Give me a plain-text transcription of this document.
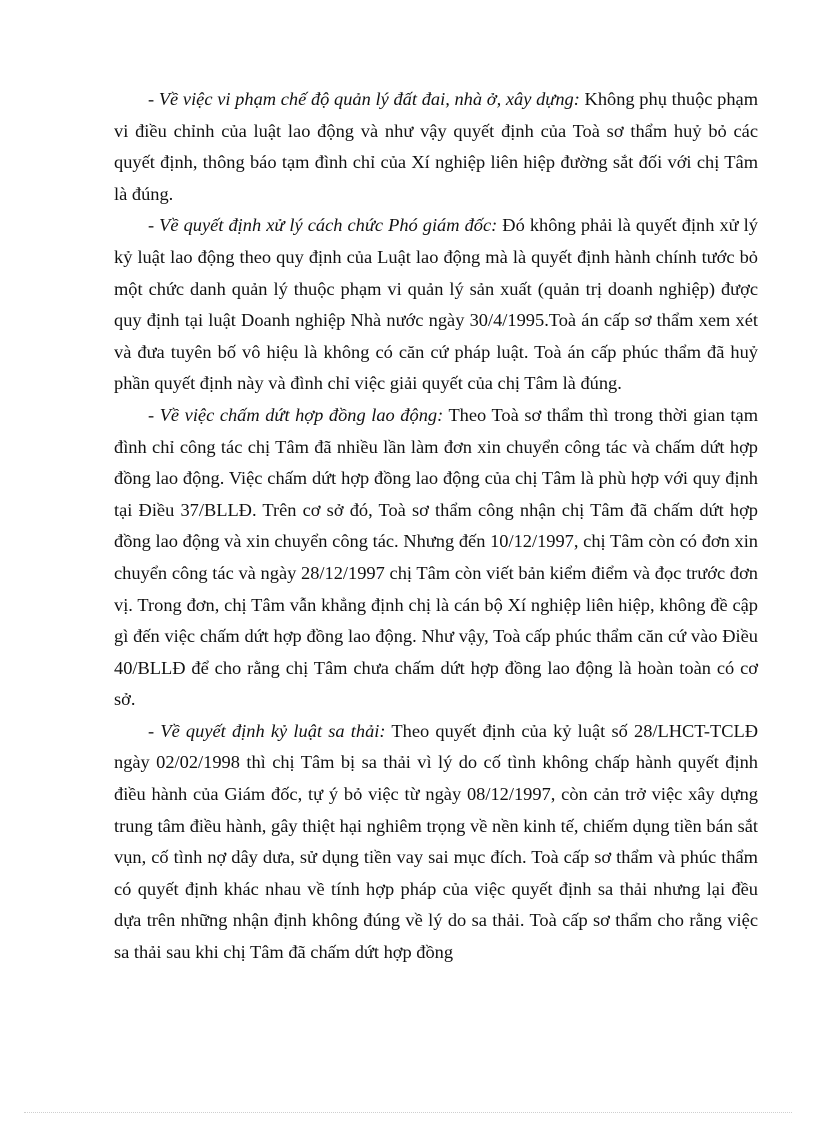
- Về việc vi phạm chế độ quản lý đất đai, nhà ở, xây dựng: Không phụ thuộc phạm vi điều chỉnh của luật lao động và như vậy quyết định của Toà sơ thẩm huỷ bỏ các quyết định, thông báo tạm đình chỉ của Xí nghiệp liên hiệp đường sắt đối với chị Tâm là đúng.

- Về quyết định xử lý cách chức Phó giám đốc: Đó không phải là quyết định xử lý kỷ luật lao động theo quy định của Luật lao động mà là quyết định hành chính tước bỏ một chức danh quản lý thuộc phạm vi quản lý sản xuất (quản trị doanh nghiệp) được quy định tại luật Doanh nghiệp Nhà nước ngày 30/4/1995.Toà án cấp sơ thẩm xem xét và đưa tuyên bố vô hiệu là không có căn cứ pháp luật. Toà án cấp phúc thẩm đã huỷ phần quyết định này và đình chỉ việc giải quyết của chị Tâm là đúng.

- Về việc chấm dứt hợp đồng lao động: Theo Toà sơ thẩm thì trong thời gian tạm đình chỉ công tác chị Tâm đã nhiều lần làm đơn xin chuyển công tác và chấm dứt hợp đồng lao động. Việc chấm dứt hợp đồng lao động của chị Tâm là phù hợp với quy định tại Điều 37/BLLĐ. Trên cơ sở đó, Toà sơ thẩm công nhận chị Tâm đã chấm dứt hợp đồng lao động và xin chuyển công tác. Nhưng đến 10/12/1997, chị Tâm còn có đơn xin chuyển công tác và ngày 28/12/1997 chị Tâm còn viết bản kiểm điểm và đọc trước đơn vị. Trong đơn, chị Tâm vẫn khẳng định chị là cán bộ Xí nghiệp liên hiệp, không đề cập gì đến việc chấm dứt hợp đồng lao động. Như vậy, Toà cấp phúc thẩm căn cứ vào Điều 40/BLLĐ để cho rằng chị Tâm chưa chấm dứt hợp đồng lao động là hoàn toàn có cơ sở.

- Về quyết định kỷ luật sa thải: Theo quyết định của kỷ luật số 28/LHCT-TCLĐ ngày 02/02/1998 thì chị Tâm bị sa thải vì lý do cố tình không chấp hành quyết định điều hành của Giám đốc, tự ý bỏ việc từ ngày 08/12/1997, còn cản trở việc xây dựng trung tâm điều hành, gây thiệt hại nghiêm trọng về nền kinh tế, chiếm dụng tiền bán sắt vụn, cố tình nợ dây dưa, sử dụng tiền vay sai mục đích. Toà cấp sơ thẩm và phúc thẩm có quyết định khác nhau về tính hợp pháp của việc quyết định sa thải nhưng lại đều dựa trên những nhận định không đúng về lý do sa thải. Toà cấp sơ thẩm cho rằng việc sa thải sau khi chị Tâm đã chấm dứt hợp đồng
